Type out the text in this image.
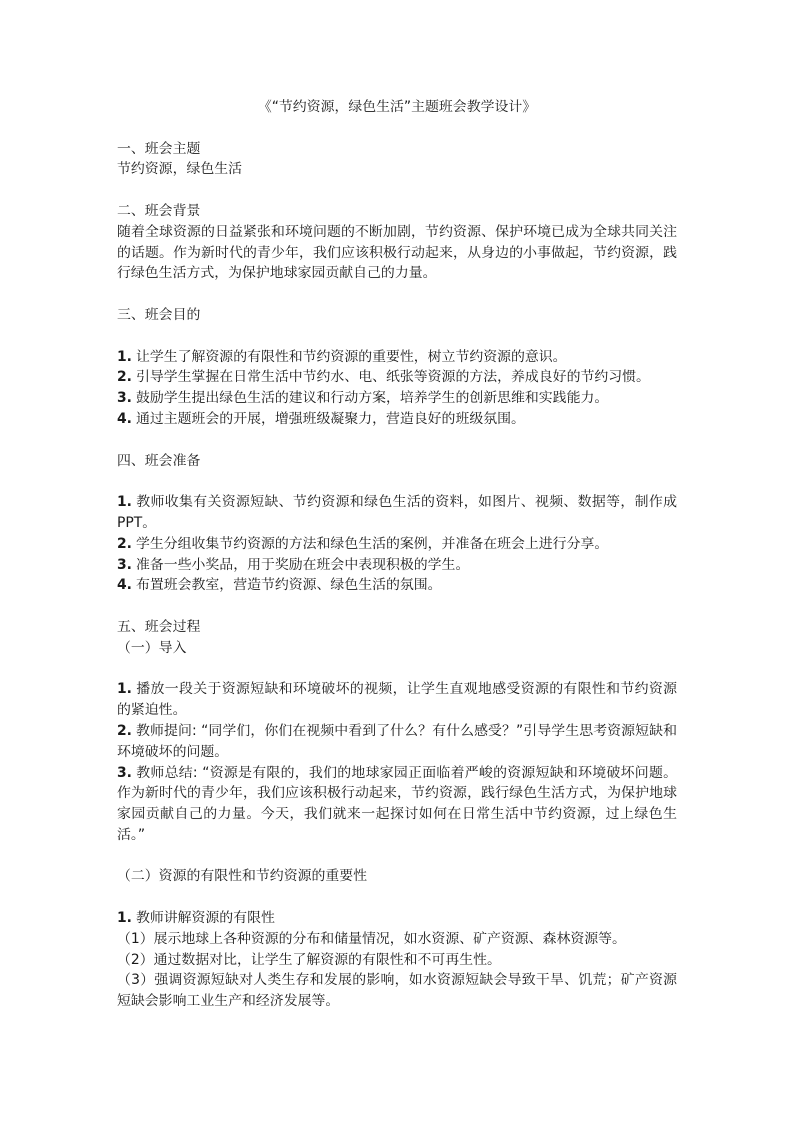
《“节约资源，绿色生活”主题班会教学设计》

一、班会主题

节约资源，绿色生活

二、班会背景

随着全球资源的日益紧张和环境问题的不断加剧，节约资源、保护环境已成为全球共同关注的话题。作为新时代的青少年，我们应该积极行动起来，从身边的小事做起，节约资源，践行绿色生活方式，为保护地球家园贡献自己的力量。

三、班会目的

1. 让学生了解资源的有限性和节约资源的重要性，树立节约资源的意识。

2. 引导学生掌握在日常生活中节约水、电、纸张等资源的方法，养成良好的节约习惯。

3. 鼓励学生提出绿色生活的建议和行动方案，培养学生的创新思维和实践能力。

4. 通过主题班会的开展，增强班级凝聚力，营造良好的班级氛围。

四、班会准备

1. 教师收集有关资源短缺、节约资源和绿色生活的资料，如图片、视频、数据等，制作成PPT。

2. 学生分组收集节约资源的方法和绿色生活的案例，并准备在班会上进行分享。

3. 准备一些小奖品，用于奖励在班会中表现积极的学生。

4. 布置班会教室，营造节约资源、绿色生活的氛围。

五、班会过程

（一）导入

1. 播放一段关于资源短缺和环境破坏的视频，让学生直观地感受资源的有限性和节约资源的紧迫性。

2. 教师提问: “同学们，你们在视频中看到了什么？有什么感受？”引导学生思考资源短缺和环境破坏的问题。

3. 教师总结: “资源是有限的，我们的地球家园正面临着严峻的资源短缺和环境破坏问题。作为新时代的青少年，我们应该积极行动起来，节约资源，践行绿色生活方式，为保护地球家园贡献自己的力量。今天，我们就来一起探讨如何在日常生活中节约资源，过上绿色生活。”

（二）资源的有限性和节约资源的重要性

1. 教师讲解资源的有限性

（1）展示地球上各种资源的分布和储量情况，如水资源、矿产资源、森林资源等。

（2）通过数据对比，让学生了解资源的有限性和不可再生性。

（3）强调资源短缺对人类生存和发展的影响，如水资源短缺会导致干旱、饥荒；矿产资源短缺会影响工业生产和经济发展等。
